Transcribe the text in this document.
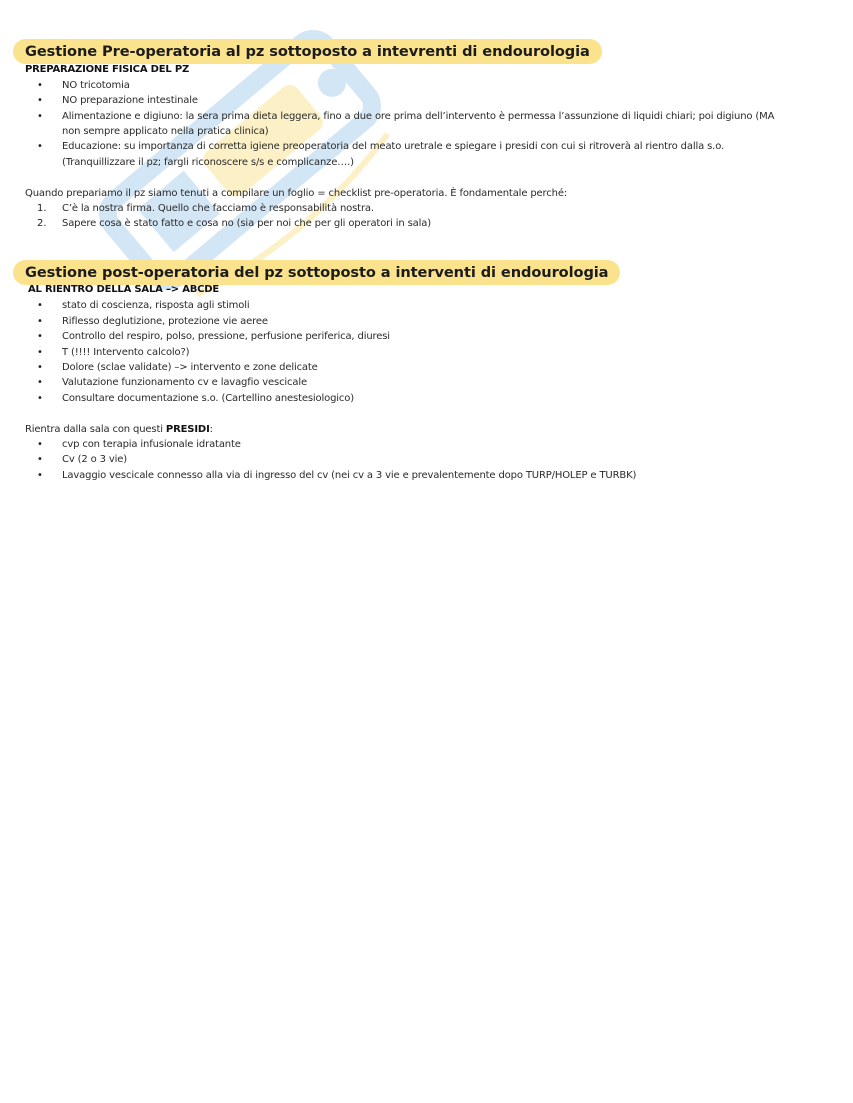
Gestione Pre-operatoria al pz sottoposto a intevrenti di endourologia
PREPARAZIONE FISICA DEL PZ
• NO tricotomia
• NO preparazione intestinale
• Alimentazione e digiuno: la sera prima dieta leggera, fino a due ore prima dell’intervento è permessa l’assunzione di liquidi chiari; poi digiuno (MA
non sempre applicato nella pratica clinica)
• Educazione: su importanza di corretta igiene preoperatoria del meato uretrale e spiegare i presidi con cui si ritroverà al rientro dalla s.o.
(Tranquillizzare il pz; fargli riconoscere s/s e complicanze….)
Quando prepariamo il pz siamo tenuti a compilare un foglio = checklist pre-operatoria. È fondamentale perché:
1. C’è la nostra firma. Quello che facciamo è responsabilità nostra.
2. Sapere cosa è stato fatto e cosa no (sia per noi che per gli operatori in sala)
Gestione post-operatoria del pz sottoposto a interventi di endourologia
AL RIENTRO DELLA SALA –> ABCDE
• stato di coscienza, risposta agli stimoli
• Riflesso deglutizione, protezione vie aeree
• Controllo del respiro, polso, pressione, perfusione periferica, diuresi
• T (!!!! Intervento calcolo?)
• Dolore (sclae validate) –> intervento e zone delicate
• Valutazione funzionamento cv e lavagfio vescicale
• Consultare documentazione s.o. (Cartellino anestesiologico)
Rientra dalla sala con questi PRESIDI:
• cvp con terapia infusionale idratante
• Cv (2 o 3 vie)
• Lavaggio vescicale connesso alla via di ingresso del cv (nei cv a 3 vie e prevalentemente dopo TURP/HOLEP e TURBK)
